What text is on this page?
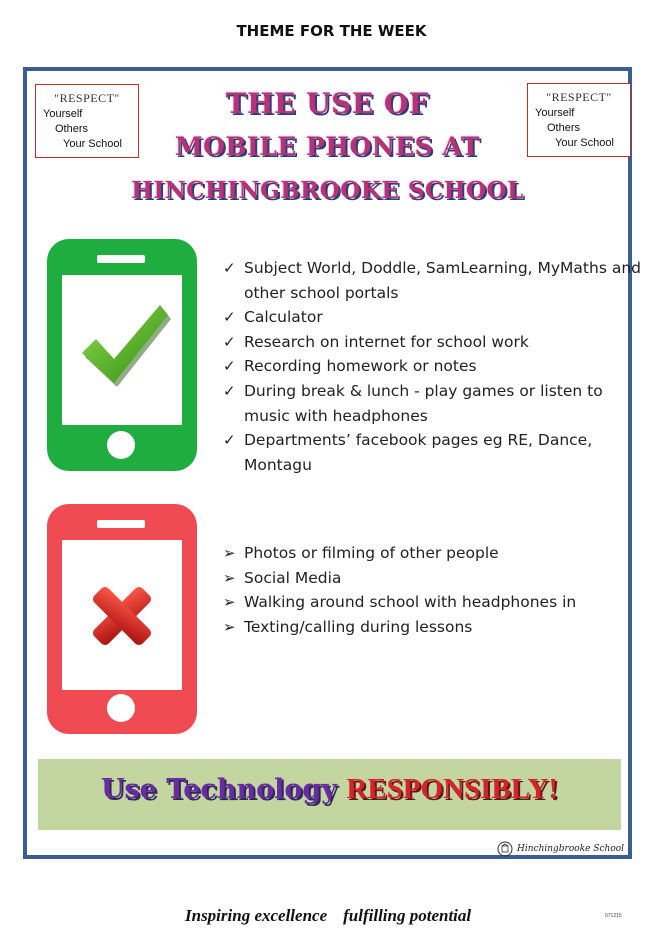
THEME FOR THE WEEK
"RESPECT"
Yourself
Others
Your School
"RESPECT"
Yourself
Others
Your School
THE USE OF
MOBILE PHONES AT
HINCHINGBROOKE SCHOOL
✓ Subject World, Doddle, SamLearning, MyMaths and other school portals
✓ Calculator
✓ Research on internet for school work
✓ Recording homework or notes
✓ During break & lunch - play games or listen to music with headphones
✓ Departments’ facebook pages eg RE, Dance, Montagu
➢ Photos or filming of other people
➢ Social Media
➢ Walking around school with headphones in
➢ Texting/calling during lessons
Use Technology RESPONSIBLY!
Hinchingbrooke School
Inspiring excellence fulfilling potential	071215
